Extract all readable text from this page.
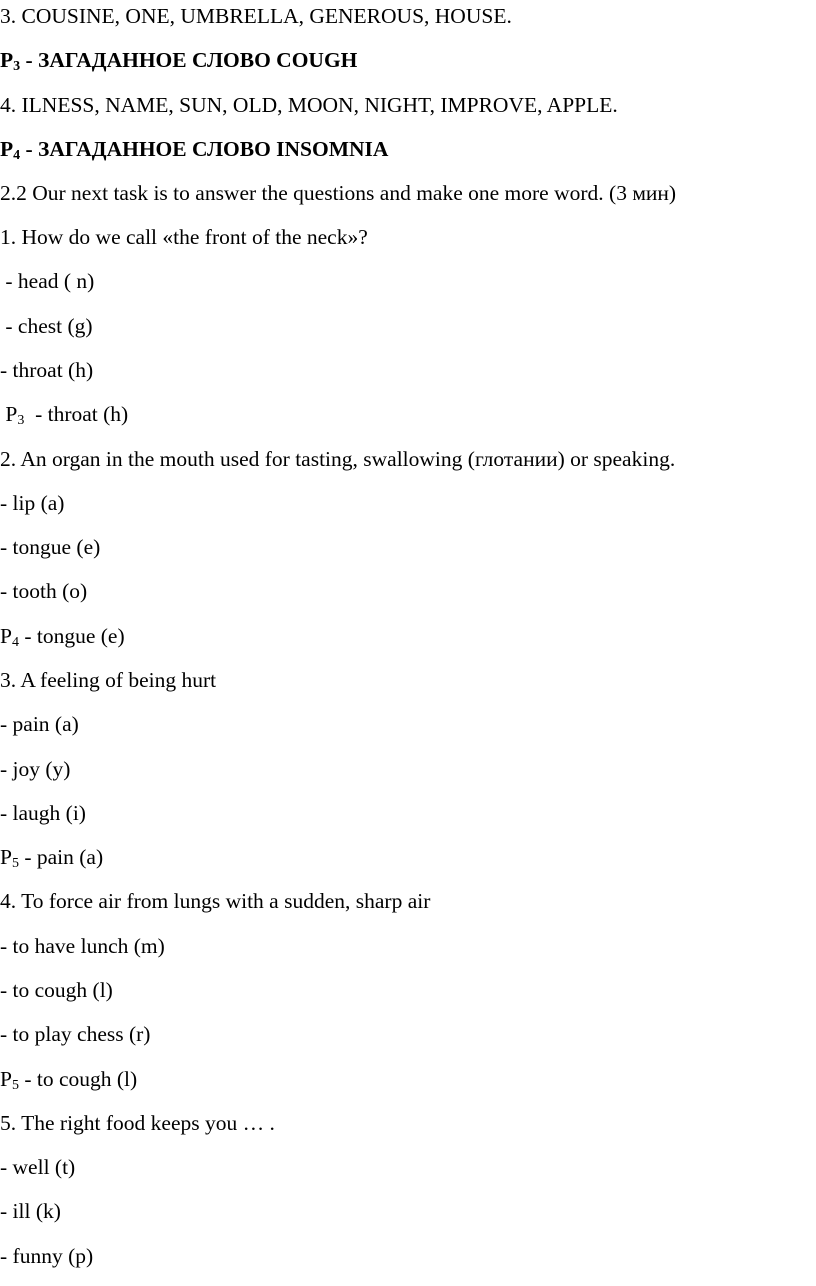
3. COUSINE, ONE, UMBRELLA, GENEROUS, HOUSE.
$P_3$ - ЗАГАДАННОЕ СЛОВО COUGH
4. ILNESS, NAME, SUN, OLD, MOON, NIGHT, IMPROVE, APPLE.
$P_4$ - ЗАГАДАННОЕ СЛОВО INSOMNIA
2.2 Our next task is to answer the questions and make one more word. (3 мин)
1. How do we call «the front of the neck»?
- head ( n)
- chest (g)
- throat (h)
$P_3$  - throat (h)
2. An organ in the mouth used for tasting, swallowing (глотании) or speaking.
- lip (a)
- tongue (e)
- tooth (o)
$P_4$ - tongue (e)
3. A feeling of being hurt
- pain (a)
- joy (y)
- laugh (i)
$P_5$ - pain (a)
4. To force air from lungs with a sudden, sharp air
- to have lunch (m)
- to cough (l)
- to play chess (r)
$P_5$ - to cough (l)
5. The right food keeps you … .
- well (t)
- ill (k)
- funny (p)
